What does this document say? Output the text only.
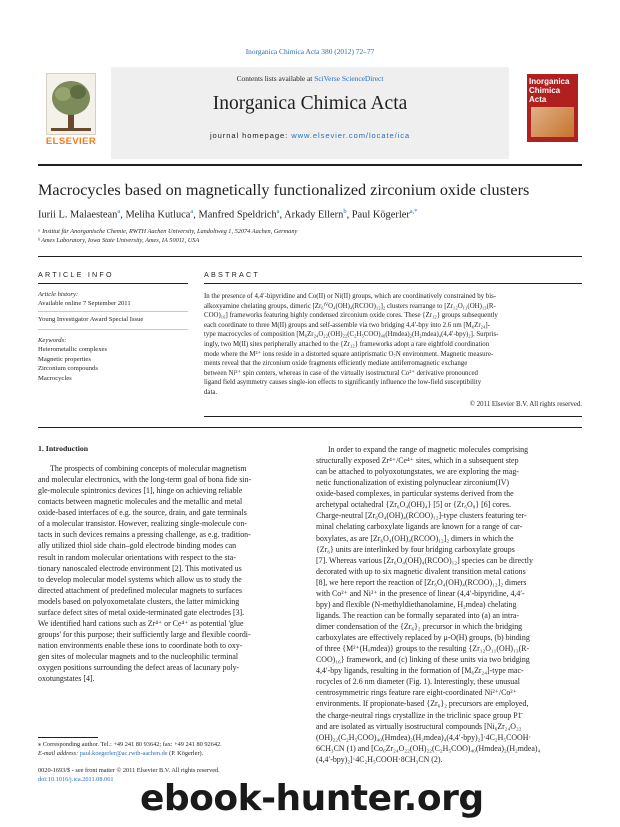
Inorganica Chimica Acta 380 (2012) 72–77
ELSEVIER
Contents lists available at SciVerse ScienceDirect
Inorganica Chimica Acta
journal homepage: www.elsevier.com/locate/ica
Inorganica
Chimica
Acta
Macrocycles based on magnetically functionalized zirconium oxide clusters
Iurii L. Malaestean$^a$, Meliha Kutluca$^a$, Manfred Speldrich$^a$, Arkady Ellern$^b$, Paul Kögerler$^{a,*}$
ᵃ Institut für Anorganische Chemie, RWTH Aachen University, Landoltweg 1, 52074 Aachen, Germany
ᵇ Ames Laboratory, Iowa State University, Ames, IA 50011, USA
ARTICLE INFO
Article history:
Available online 7 September 2011
Young Investigator Award Special Issue
Keywords:
Heterometallic complexes
Magnetic properties
Zirconium compounds
Macrocycles
ABSTRACT
In the presence of 4,4′-bipyridine and Co(II) or Ni(II) groups, which are coordinatively constrained by bis-
alkoxyamine chelating groups, dimeric [Zr₆ᴵⱽO₄(OH)₄(RCOO)₁₂]₂ clusters rearrange to [Zr₁₂O₁₁(OH)₁₃(R-
COO)₁₆] frameworks featuring highly condensed zirconium oxide cores. These {Zr₁₂} groups subsequently
each coordinate to three M(II) groups and self-assemble via two bridging 4,4′-bpy into 2.6 nm [M₆Zr₂₄]-
type macrocycles of composition [M₆Zr₂₄O₂₂(OH)₂₂(C₂H₅COO)₄₀(Hmdea)₂(H₂mdea)₄(4,4′-bpy)₂]. Surpris-
ingly, two M(II) sites peripherally attached to the {Zr₁₂} frameworks adopt a rare eightfold coordination
mode where the M²⁺ ions reside in a distorted square antiprismatic O₇N environment. Magnetic measure-
ments reveal that the zirconium oxide fragments efficiently mediate antiferromagnetic exchange
between Ni²⁺ spin centers, whereas in case of the virtually isostructural Co²⁺ derivative pronounced
ligand field asymmetry causes single-ion effects to significantly influence the low-field susceptibility
data.
© 2011 Elsevier B.V. All rights reserved.
1. Introduction
The prospects of combining concepts of molecular magnetism
and molecular electronics, with the long-term goal of bona fide sin-
gle-molecule spintronics devices [1], hinge on achieving reliable
contacts between magnetic molecules and the metallic and metal
oxide-based interfaces of e.g. the source, drain, and gate terminals
of a molecular transistor. However, realizing single-molecule con-
tacts in such devices remains a pressing challenge, as e.g. tradition-
ally utilized thiol side chain–gold electrode binding modes can
result in random molecular orientations with respect to the sta-
tionary nanoscaled electrode environment [2]. This motivated us
to develop molecular model systems which allow us to study the
directed attachment of predefined molecular magnets to surfaces
models based on polyoxometalate clusters, the latter mimicking
surface defect sites of metal oxide-terminated gate electrodes [3].
We identified hard cations such as Zr⁴⁺ or Ce⁴⁺ as potential 'glue
groups' for this purpose; their sufficiently large and flexible coordi-
nation environments enable these ions to coordinate both to oxy-
gen sites of molecular magnets and to the nucleophilic terminal
oxygen positions surrounding the defect areas of lacunary poly-
oxotungstates [4].
In order to expand the range of magnetic molecules comprising
structurally exposed Zr⁴⁺/Ce⁴⁺ sites, which in a subsequent step
can be attached to polyoxotungstates, we are exploring the mag-
netic functionalization of existing polynuclear zirconium(IV)
oxide-based complexes, in particular systems derived from the
archetypal octahedral {Zr₆O₄(OH)₄} [5] or {Zr₆O₈} [6] cores.
Charge-neutral [Zr₆O₄(OH)₄(RCOO)₁₂]-type clusters featuring ter-
minal chelating carboxylate ligands are known for a range of car-
boxylates, as are [Zr₆O₄(OH)₄(RCOO)₁₂]₂ dimers in which the
{Zr₆} units are interlinked by four bridging carboxylate groups
[7]. Whereas various [Zr₆O₄(OH)₄(RCOO)₁₂] species can be directly
decorated with up to six magnetic divalent transition metal cations
[8], we here report the reaction of [Zr₆O₄(OH)₄(RCOO)₁₂]₂ dimers
with Co²⁺ and Ni²⁺ in the presence of linear (4,4′-bipyridine, 4,4′-
bpy) and flexible (N-methyldiethanolamine, H₂mdea) chelating
ligands. The reaction can be formally separated into (a) an intra-
dimer condensation of the {Zr₆}₂ precursor in which the bridging
carboxylates are effectively replaced by μ-O(H) groups, (b) binding
of three {M²⁺(Hₓmdea)} groups to the resulting {Zr₁₂O₁₁(OH)₁₃(R-
COO)₁₆} framework, and (c) linking of these units via two bridging
4,4′-bpy ligands, resulting in the formation of [M₆Zr₂₄]-type mac-
rocycles of 2.6 nm diameter (Fig. 1). Interestingly, these unusual
centrosymmetric rings feature rare eight-coordinated Ni²⁺/Co²⁺
environments. If propionate-based {Zr₆}₂ precursors are employed,
the charge-neutral rings crystallize in the triclinic space group P1̄
and are isolated as virtually isostructural compounds [Ni₆Zr₂₄O₂₂
(OH)₂₂(C₂H₅COO)₄₀(Hmdea)₂(H₂mdea)₄(4,4′-bpy)₂]·4C₂H₅COOH·
6CH₃CN (1) and [Co₆Zr₂₄O₂₂(OH)₂₂(C₂H₅COO)₄₀(Hmdea)₂(H₂mdea)₄
(4,4′-bpy)₂]·4C₂H₅COOH·8CH₃CN (2).
⁎ Corresponding author. Tel.: +49 241 80 93642; fax: +49 241 80 92642.
E-mail address: paul.koegerler@ac.rwth-aachen.de (P. Kögerler).
0020-1693/$ - see front matter © 2011 Elsevier B.V. All rights reserved.
doi:10.1016/j.ica.2011.08.061 ebook-hunter.org
